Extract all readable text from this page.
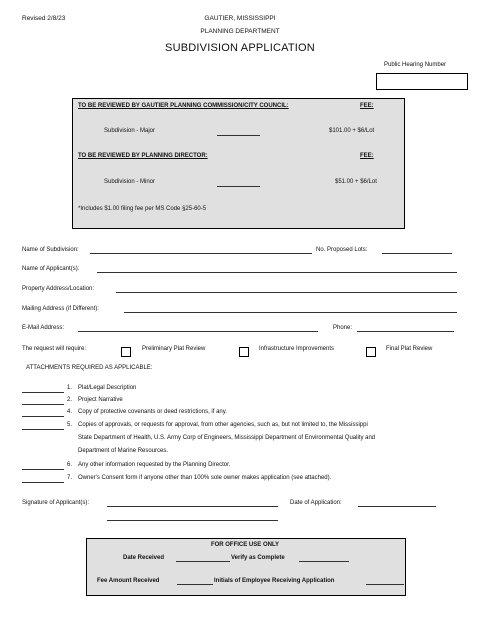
Revised 2/8/23	GAUTIER, MISSISSIPPI
PLANNING DEPARTMENT
SUBDIVISION APPLICATION
Public Hearing Number
TO BE REVIEWED BY GAUTIER PLANNING COMMISSION/CITY COUNCIL:	FEE:
Subdivision - Major	$101.00 + $6/Lot
TO BE REVIEWED BY PLANNING DIRECTOR:	FEE:
Subdivision - Minor	$51.00 + $6/Lot
*Includes $1.00 filing fee per MS Code §25-60-5
Name of Subdivision:	No. Proposed Lots:
Name of Applicant(s):
Property Address/Location:
Mailing Address (if Different):
E-Mail Address:	Phone:
The request will require:	Preliminary Plat Review	Infrastructure Improvements	Final Plat Review
ATTACHMENTS REQUIRED AS APPLICABLE:
1. Plat/Legal Description
2. Project Narrative
4. Copy of protective covenants or deed restrictions, if any.
5. Copies of approvals, or requests for approval, from other agencies, such as, but not limited to, the Mississippi
State Department of Health, U.S. Army Corp of Engineers, Mississippi Department of Environmental Quality and
Department of Marine Resources.
6. Any other information requested by the Planning Director.
7. Owner's Consent form if anyone other than 100% sole owner makes application (see attached).
Signature of Applicant(s):	Date of Application:
FOR OFFICE USE ONLY
Date Received	Verify as Complete
Fee Amount Received	Initials of Employee Receiving Application
